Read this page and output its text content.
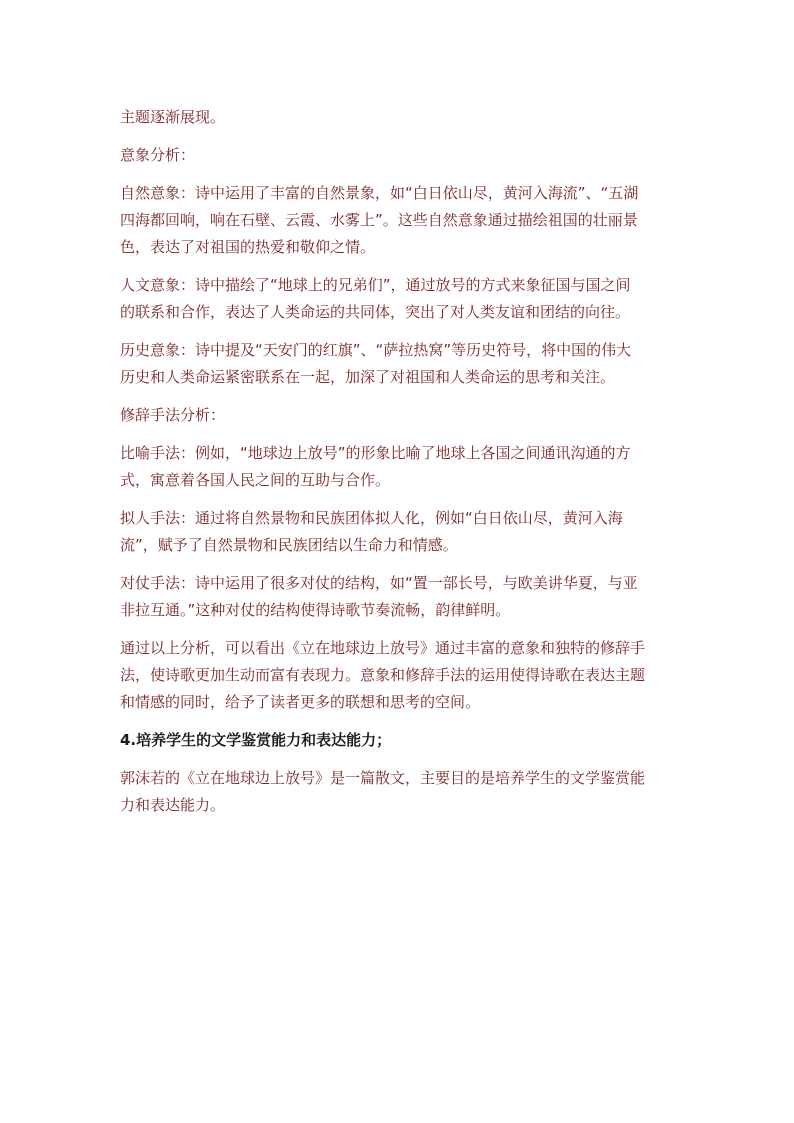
主题逐渐展现。
意象分析：
自然意象：诗中运用了丰富的自然景象，如“白日依山尽，黄河入海流”、“五湖
四海都回响，响在石壁、云霞、水雾上”。这些自然意象通过描绘祖国的壮丽景
色，表达了对祖国的热爱和敬仰之情。
人文意象：诗中描绘了“地球上的兄弟们”，通过放号的方式来象征国与国之间
的联系和合作，表达了人类命运的共同体，突出了对人类友谊和团结的向往。
历史意象：诗中提及“天安门的红旗”、“萨拉热窝”等历史符号，将中国的伟大
历史和人类命运紧密联系在一起，加深了对祖国和人类命运的思考和关注。
修辞手法分析：
比喻手法：例如，“地球边上放号”的形象比喻了地球上各国之间通讯沟通的方
式，寓意着各国人民之间的互助与合作。
拟人手法：通过将自然景物和民族团体拟人化，例如“白日依山尽，黄河入海
流”，赋予了自然景物和民族团结以生命力和情感。
对仗手法：诗中运用了很多对仗的结构，如“置一部长号，与欧美讲华夏，与亚
非拉互通。”这种对仗的结构使得诗歌节奏流畅，韵律鲜明。
通过以上分析，可以看出《立在地球边上放号》通过丰富的意象和独特的修辞手
法，使诗歌更加生动而富有表现力。意象和修辞手法的运用使得诗歌在表达主题
和情感的同时，给予了读者更多的联想和思考的空间。
4.培养学生的文学鉴赏能力和表达能力；
郭沫若的《立在地球边上放号》是一篇散文，主要目的是培养学生的文学鉴赏能
力和表达能力。
